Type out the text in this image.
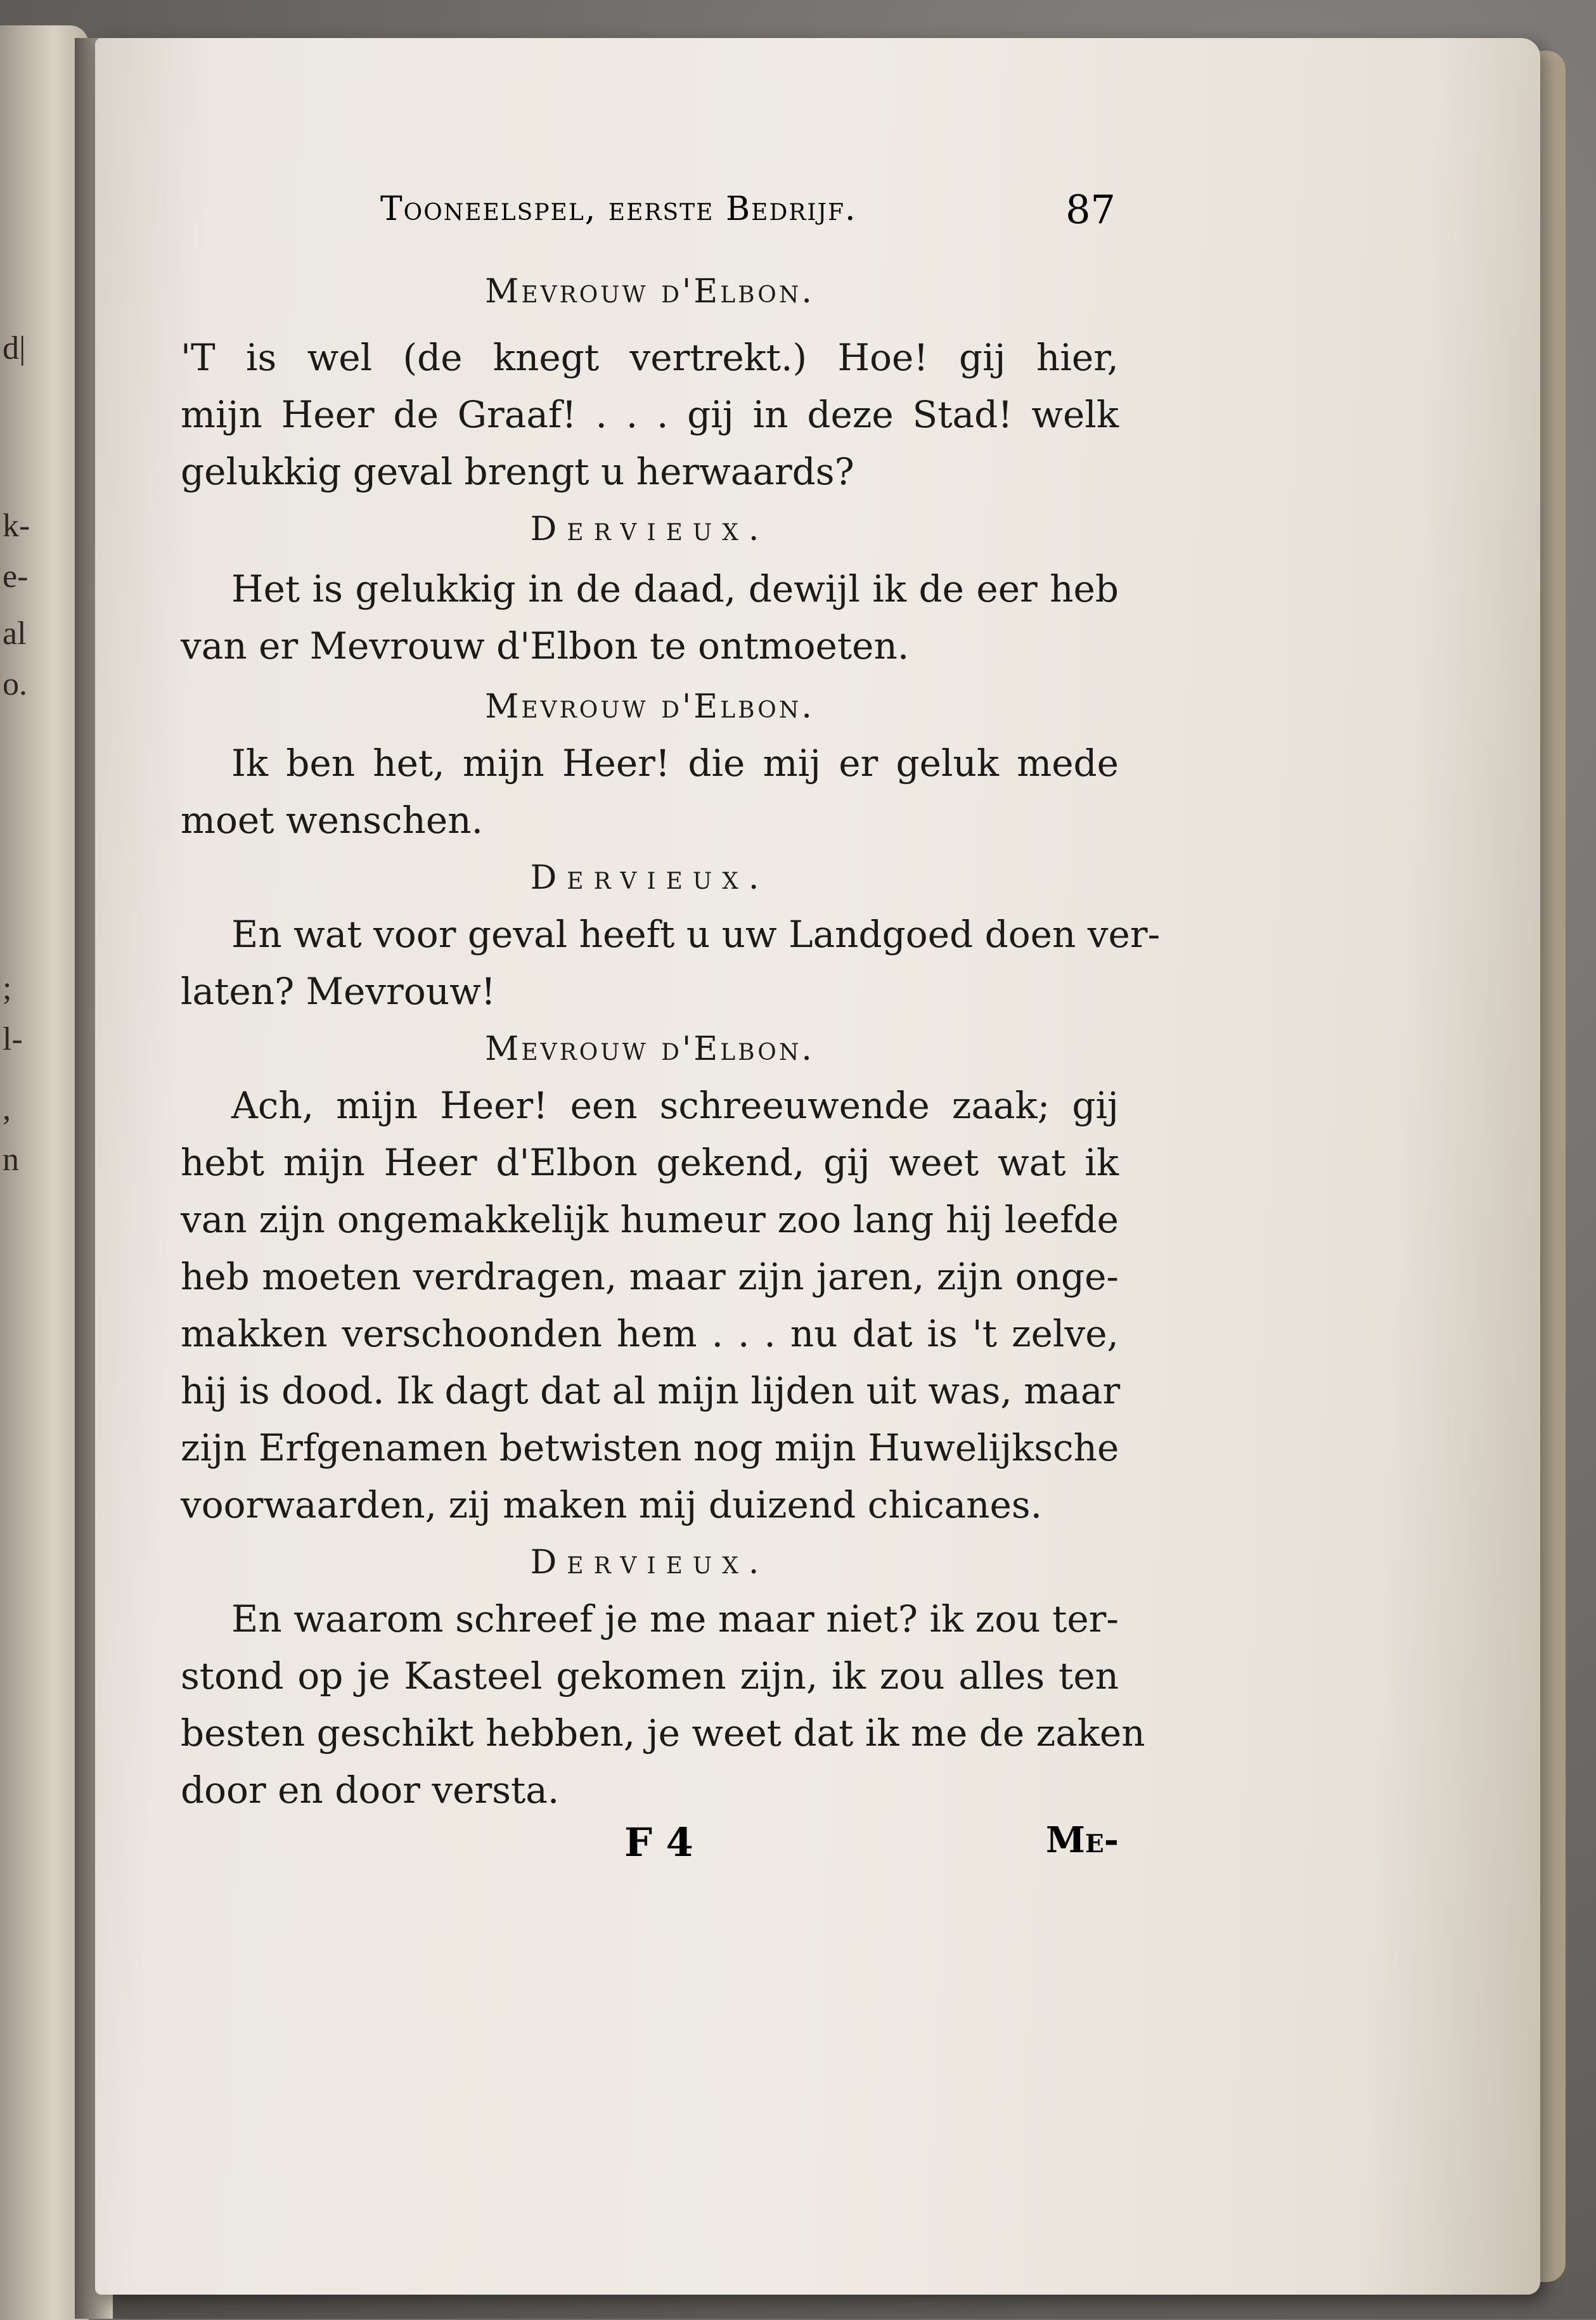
d|
k-
e-
al
o.
;
l-
,
n
Tooneelspel, eerste Bedrijf.	87
Mevrouw d'Elbon.
'T is wel (de knegt vertrekt.) Hoe! gij hier,
mijn Heer de Graaf! . . . gij in deze Stad! welk
gelukkig geval brengt u herwaards?
Dervieux.
Het is gelukkig in de daad, dewijl ik de eer heb
van er Mevrouw d'Elbon te ontmoeten.
Mevrouw d'Elbon.
Ik ben het, mijn Heer! die mij er geluk mede
moet wenschen.
Dervieux.
En wat voor geval heeft u uw Landgoed doen ver-
laten? Mevrouw!
Mevrouw d'Elbon.
Ach, mijn Heer! een schreeuwende zaak; gij
hebt mijn Heer d'Elbon gekend, gij weet wat ik
van zijn ongemakkelijk humeur zoo lang hij leefde
heb moeten verdragen, maar zijn jaren, zijn onge-
makken verschoonden hem . . . nu dat is 't zelve,
hij is dood. Ik dagt dat al mijn lijden uit was, maar
zijn Erfgenamen betwisten nog mijn Huwelijksche
voorwaarden, zij maken mij duizend chicanes.
Dervieux.
En waarom schreef je me maar niet? ik zou ter-
stond op je Kasteel gekomen zijn, ik zou alles ten
besten geschikt hebben, je weet dat ik me de zaken
door en door versta.
F 4	Me-
